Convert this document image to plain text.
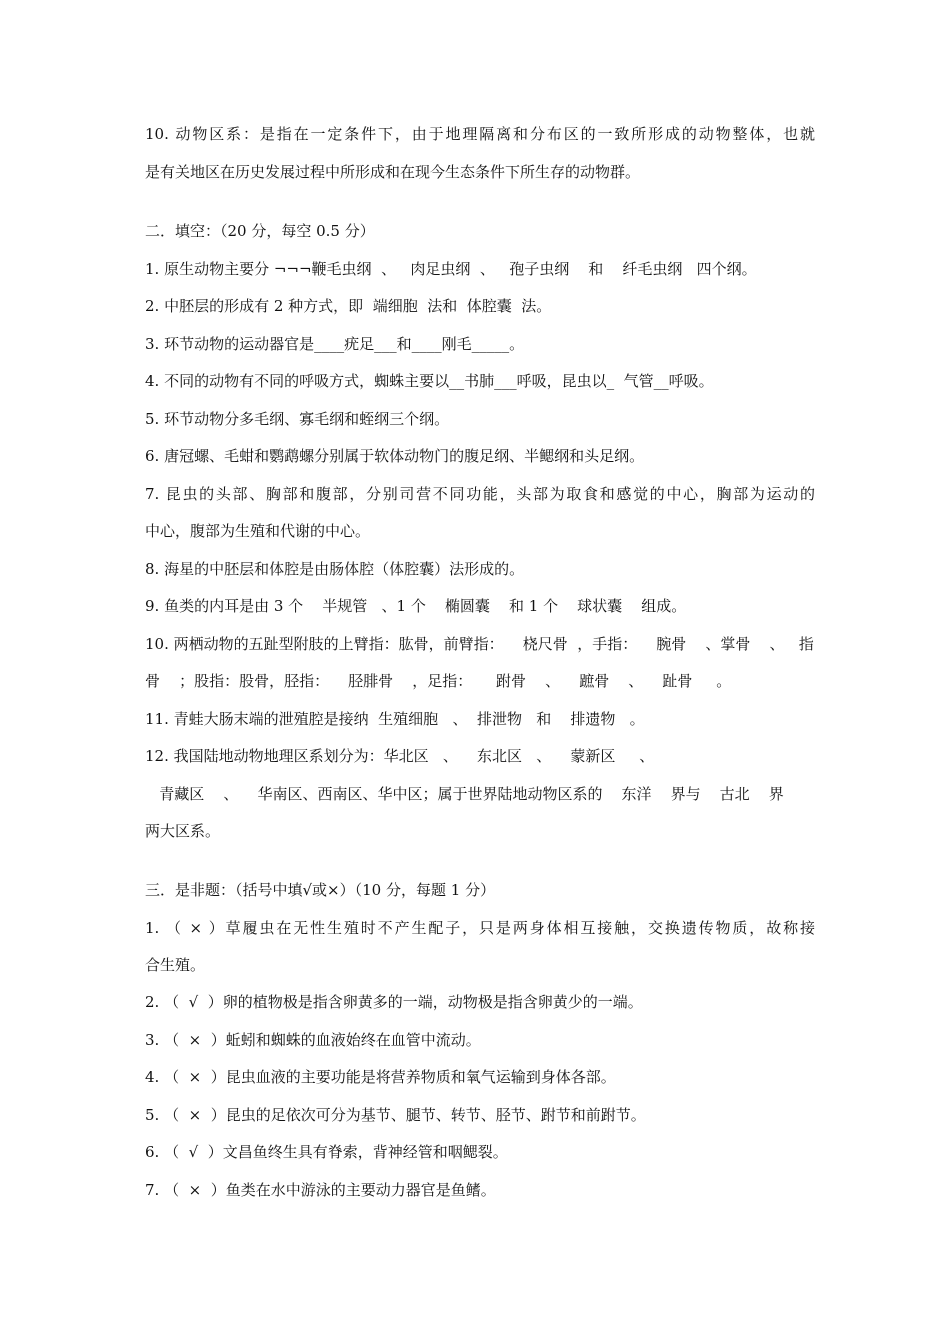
10. 动物区系：是指在一定条件下，由于地理隔离和分布区的一致所形成的动物整体，也就

是有关地区在历史发展过程中所形成和在现今生态条件下所生存的动物群。

二．填空：（20 分，每空 0.5 分）

1. 原生动物主要分 ¬¬¬鞭毛虫纲  、   肉足虫纲  、   孢子虫纲    和    纤毛虫纲   四个纲。

2. 中胚层的形成有 2 种方式，即  端细胞  法和  体腔囊  法。

3. 环节动物的运动器官是____疣足___和____刚毛_____。

4. 不同的动物有不同的呼吸方式，蜘蛛主要以__书肺___呼吸，昆虫以_  气管__呼吸。

5. 环节动物分多毛纲、寡毛纲和蛭纲三个纲。

6. 唐冠螺、毛蚶和鹦鹉螺分别属于软体动物门的腹足纲、半鳃纲和头足纲。

7. 昆虫的头部、胸部和腹部，分别司营不同功能，头部为取食和感觉的中心，胸部为运动的

中心，腹部为生殖和代谢的中心。

8. 海星的中胚层和体腔是由肠体腔（体腔囊）法形成的。

9. 鱼类的内耳是由 3 个    半规管   、1 个    椭圆囊    和 1 个    球状囊    组成。

10. 两栖动物的五趾型附肢的上臂指：肱骨，前臂指：    桡尺骨  ，手指：    腕骨    、掌骨    、   指

骨    ；股指：股骨，胫指：    胫腓骨    ，足指：     跗骨    、    蹠骨    、    趾骨     。

11. 青蛙大肠末端的泄殖腔是接纳  生殖细胞   、  排泄物   和    排遗物   。

12. 我国陆地动物地理区系划分为：华北区   、    东北区   、    蒙新区     、

青藏区    、    华南区、西南区、华中区；属于世界陆地动物区系的    东洋    界与    古北    界

两大区系。

三．是非题：（括号中填√或×）（10 分，每题 1 分）

1. （ × ）草履虫在无性生殖时不产生配子，只是两身体相互接触，交换遗传物质，故称接

合生殖。

2. （  √  ）卵的植物极是指含卵黄多的一端，动物极是指含卵黄少的一端。

3. （  ×  ）蚯蚓和蜘蛛的血液始终在血管中流动。

4. （  ×  ）昆虫血液的主要功能是将营养物质和氧气运输到身体各部。

5. （  ×  ）昆虫的足依次可分为基节、腿节、转节、胫节、跗节和前跗节。

6. （  √  ）文昌鱼终生具有脊索，背神经管和咽鳃裂。

7. （  ×  ）鱼类在水中游泳的主要动力器官是鱼鳍。
